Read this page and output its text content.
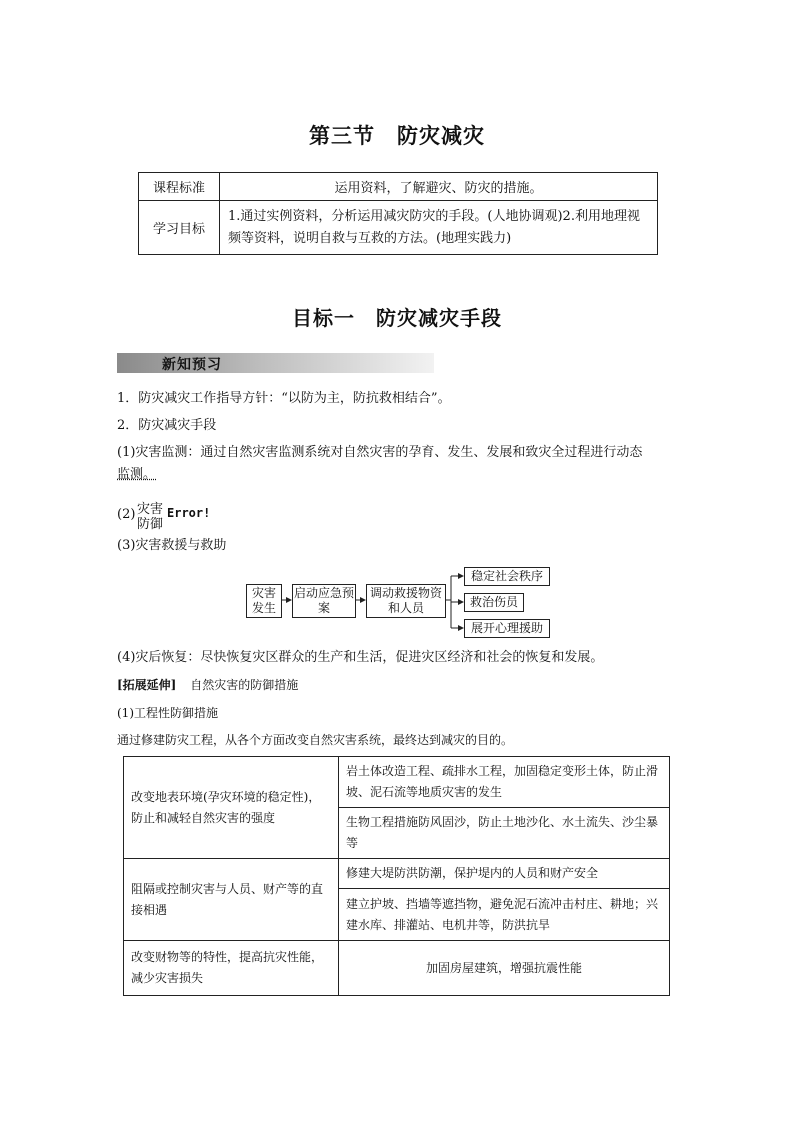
第三节　防灾减灾
课程标准	运用资料，了解避灾、防灾的措施。
学习目标	1.通过实例资料，分析运用减灾防灾的手段。(人地协调观)2.利用地理视频等资料，说明自救与互救的方法。(地理实践力)
目标一　防灾减灾手段
新知预习
1．防灾减灾工作指导方针：“以防为主，防抗救相结合”。
2．防灾减灾手段
(1)灾害监测：通过自然灾害监测系统对自然灾害的孕育、发生、发展和致灾全过程进行动态
监测。
(2) 灾害
防御
Error!
(3)灾害救援与救助
灾害发生
启动应急预案
调动救援物资和人员
稳定社会秩序
救治伤员
展开心理援助
(4)灾后恢复：尽快恢复灾区群众的生产和生活，促进灾区经济和社会的恢复和发展。
[拓展延伸] 自然灾害的防御措施
(1)工程性防御措施
通过修建防灾工程，从各个方面改变自然灾害系统，最终达到减灾的目的。
改变地表环境(孕灾环境的稳定性)，防止和减轻自然灾害的强度	岩土体改造工程、疏排水工程，加固稳定变形土体，防止滑坡、泥石流等地质灾害的发生
	生物工程措施防风固沙，防止土地沙化、水土流失、沙尘暴等
阻隔或控制灾害与人员、财产等的直接相遇	修建大堤防洪防潮，保护堤内的人员和财产安全
	建立护坡、挡墙等遮挡物，避免泥石流冲击村庄、耕地；兴建水库、排灌站、电机井等，防洪抗旱
改变财物等的特性，提高抗灾性能，减少灾害损失	加固房屋建筑，增强抗震性能
